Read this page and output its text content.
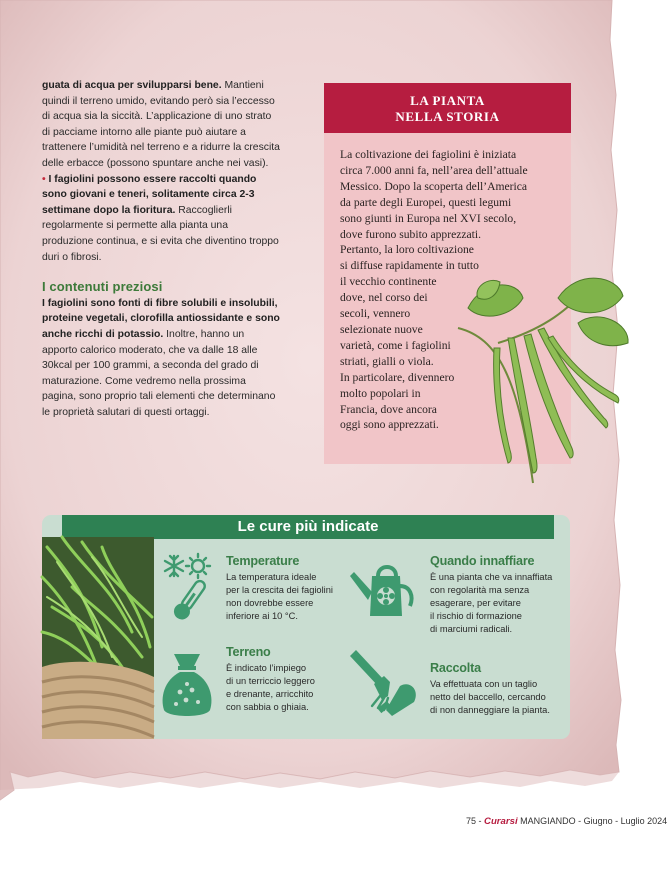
guata di acqua per svilupparsi bene. Mantieni quindi il terreno umido, evitando però sia l’eccesso di acqua sia la siccità. L’applicazione di uno strato di pacciame intorno alle piante può aiutare a trattenere l’umidità nel terreno e a ridurre la crescita delle erbacce (possono spuntare anche nei vasi).

• I fagiolini possono essere raccolti quando sono giovani e teneri, solitamente circa 2-3 settimane dopo la fioritura. Raccoglierli regolarmente si permette alla pianta una produzione continua, e si evita che diventino troppo duri o fibrosi.

I contenuti preziosi

I fagiolini sono fonti di fibre solubili e insolubili, proteine vegetali, clorofilla antiossidante e sono anche ricchi di potassio. Inoltre, hanno un apporto calorico moderato, che va dalle 18 alle 30kcal per 100 grammi, a seconda del grado di maturazione. Come vedremo nella prossima pagina, sono proprio tali elementi che determinano le proprietà salutari di questi ortaggi.

LA PIANTA
NELLA STORIA
La coltivazione dei fagiolini è iniziata
circa 7.000 anni fa, nell’area dell’attuale
Messico. Dopo la scoperta dell’America
da parte degli Europei, questi legumi
sono giunti in Europa nel XVI secolo,
dove furono subito apprezzati.
Pertanto, la loro coltivazione
si diffuse rapidamente in tutto
il vecchio continente
dove, nel corso dei
secoli, vennero
selezionate nuove
varietà, come i fagiolini
striati, gialli o viola.
In particolare, divennero
molto popolari in
Francia, dove ancora
oggi sono apprezzati.
Le cure più indicate
Temperature
La temperatura ideale
per la crescita dei fagiolini
non dovrebbe essere
inferiore ai 10 °C.
Quando innaffiare
È una pianta che va innaffiata
con regolarità ma senza
esagerare, per evitare
il rischio di formazione
di marciumi radicali.
Terreno
È indicato l’impiego
di un terriccio leggero
e drenante, arricchito
con sabbia o ghiaia.
Raccolta
Va effettuata con un taglio
netto del baccello, cercando
di non danneggiare la pianta.
75 - Curarsi MANGIANDO - Giugno - Luglio 2024
